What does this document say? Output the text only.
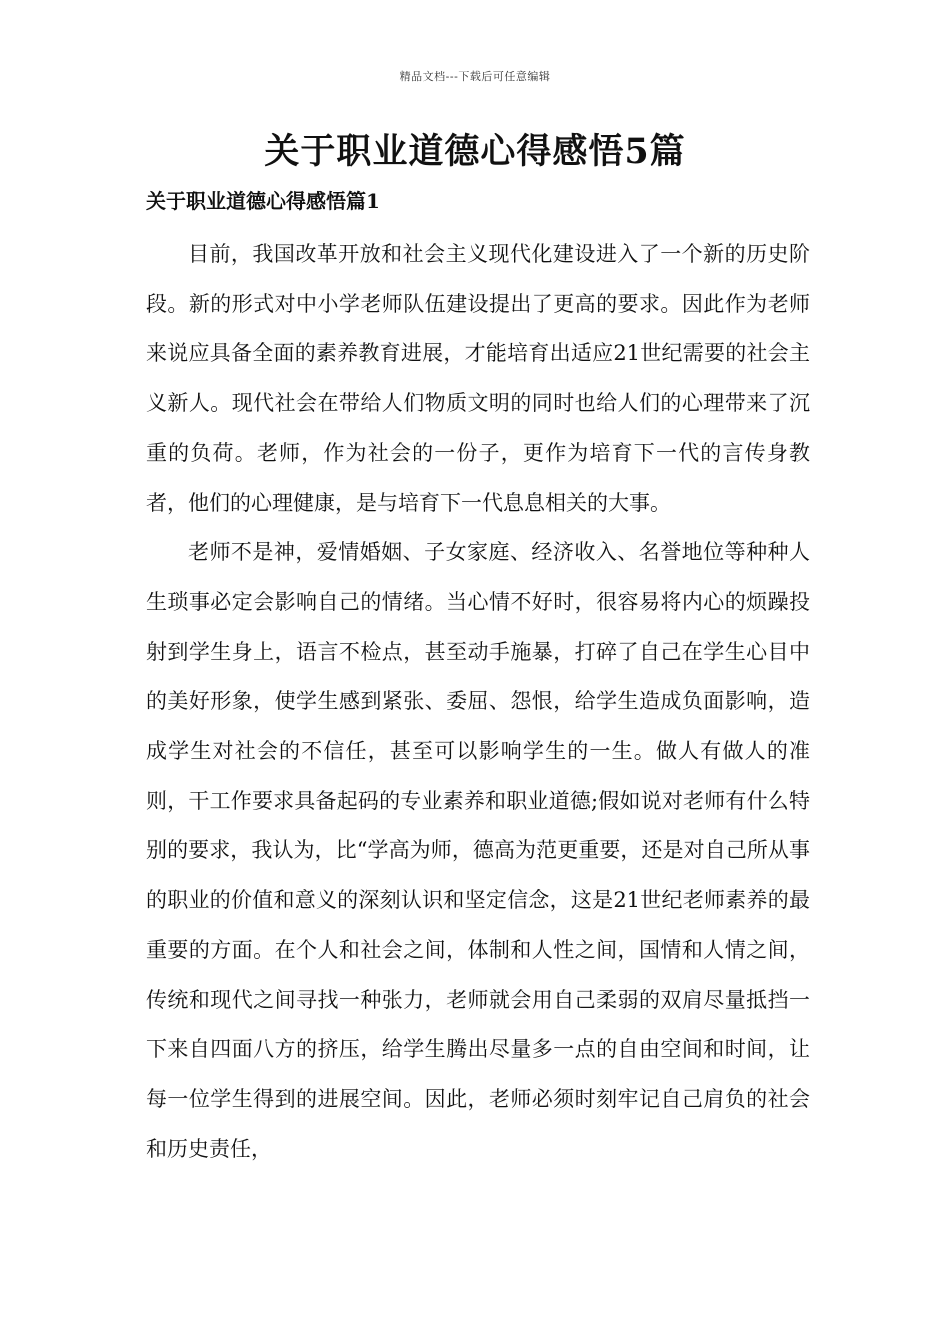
精品文档---下载后可任意编辑
关于职业道德心得感悟5篇
关于职业道德心得感悟篇1

目前，我国改革开放和社会主义现代化建设进入了一个新的历史阶段。新的形式对中小学老师队伍建设提出了更高的要求。因此作为老师来说应具备全面的素养教育进展，才能培育出适应21世纪需要的社会主义新人。现代社会在带给人们物质文明的同时也给人们的心理带来了沉重的负荷。老师，作为社会的一份子，更作为培育下一代的言传身教者，他们的心理健康，是与培育下一代息息相关的大事。

老师不是神，爱情婚姻、子女家庭、经济收入、名誉地位等种种人生琐事必定会影响自己的情绪。当心情不好时，很容易将内心的烦躁投射到学生身上，语言不检点，甚至动手施暴，打碎了自己在学生心目中的美好形象，使学生感到紧张、委屈、怨恨，给学生造成负面影响，造成学生对社会的不信任，甚至可以影响学生的一生。做人有做人的准则，干工作要求具备起码的专业素养和职业道德;假如说对老师有什么特别的要求，我认为，比“学高为师，德高为范更重要，还是对自己所从事的职业的价值和意义的深刻认识和坚定信念，这是21世纪老师素养的最重要的方面。在个人和社会之间，体制和人性之间，国情和人情之间，传统和现代之间寻找一种张力，老师就会用自己柔弱的双肩尽量抵挡一下来自四面八方的挤压，给学生腾出尽量多一点的自由空间和时间，让每一位学生得到的进展空间。因此，老师必须时刻牢记自己肩负的社会和历史责任，
